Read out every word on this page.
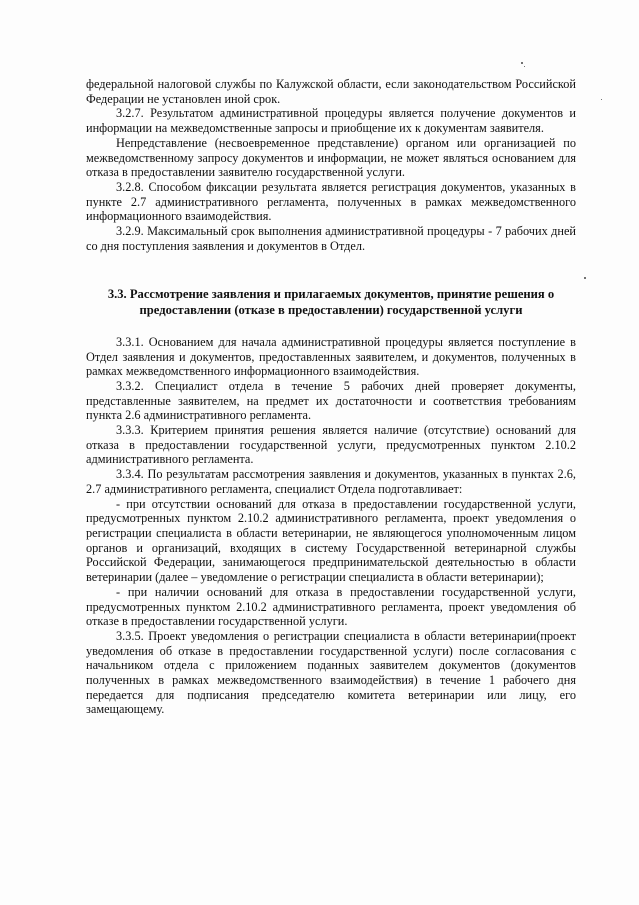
федеральной налоговой службы по Калужской области, если законодательством Российской Федерации не установлен иной срок.

3.2.7. Результатом административной процедуры является получение документов и информации на межведомственные запросы и приобщение их к документам заявителя.

Непредставление (несвоевременное представление) органом или организацией по межведомственному запросу документов и информации, не может являться основанием для отказа в предоставлении заявителю государственной услуги.

3.2.8. Способом фиксации результата является регистрация документов, указанных в пункте 2.7 административного регламента, полученных в рамках межведомственного информационного взаимодействия.

3.2.9. Максимальный срок выполнения административной процедуры - 7 рабочих дней со дня поступления заявления и документов в Отдел.

3.3. Рассмотрение заявления и прилагаемых документов, принятие решения о предоставлении (отказе в предоставлении) государственной услуги

3.3.1. Основанием для начала административной процедуры является поступление в Отдел заявления и документов, предоставленных заявителем, и документов, полученных в рамках межведомственного информационного взаимодействия.

3.3.2. Специалист отдела в течение 5 рабочих дней проверяет документы, представленные заявителем, на предмет их достаточности и соответствия требованиям пункта 2.6 административного регламента.

3.3.3. Критерием принятия решения является наличие (отсутствие) оснований для отказа в предоставлении государственной услуги, предусмотренных пунктом 2.10.2 административного регламента.

3.3.4. По результатам рассмотрения заявления и документов, указанных в пунктах 2.6, 2.7 административного регламента, специалист Отдела подготавливает:

- при отсутствии оснований для отказа в предоставлении государственной услуги, предусмотренных пунктом 2.10.2 административного регламента, проект уведомления о регистрации специалиста в области ветеринарии, не являющегося уполномоченным лицом органов и организаций, входящих в систему Государственной ветеринарной службы Российской Федерации, занимающегося предпринимательской деятельностью в области ветеринарии (далее – уведомление о регистрации специалиста в области ветеринарии);

- при наличии оснований для отказа в предоставлении государственной услуги, предусмотренных пунктом 2.10.2 административного регламента, проект уведомления об отказе в предоставлении государственной услуги.

3.3.5. Проект уведомления о регистрации специалиста в области ветеринарии(проект уведомления об отказе в предоставлении государственной услуги) после согласования с начальником отдела с приложением поданных заявителем документов (документов полученных в рамках межведомственного взаимодействия) в течение 1 рабочего дня передается для подписания председателю комитета ветеринарии или лицу, его замещающему.
